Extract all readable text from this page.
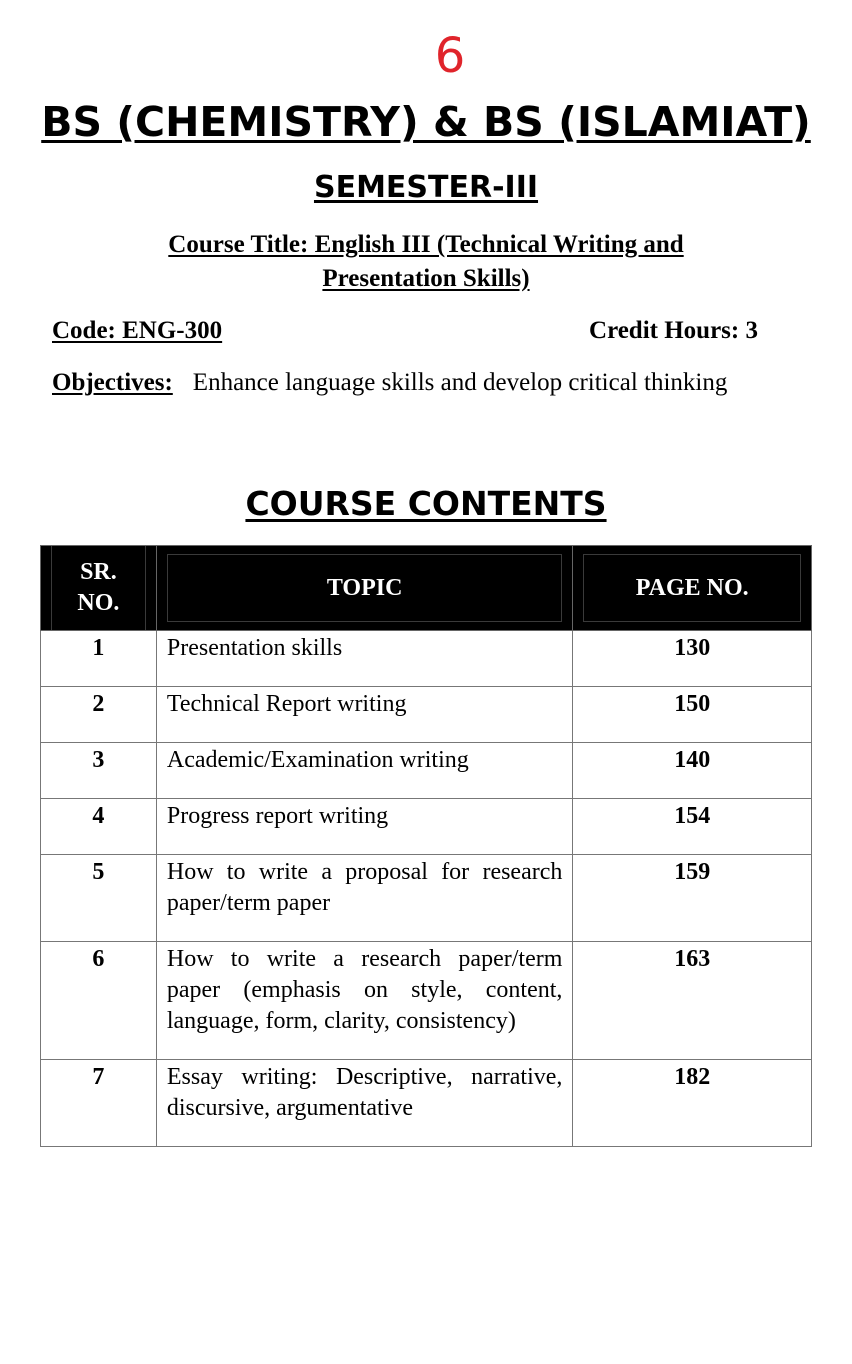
6
BS (CHEMISTRY) & BS (ISLAMIAT)
SEMESTER-III
Course Title: English III (Technical Writing and
Presentation Skills)
Code: ENG-300	Credit Hours: 3
Objectives: Enhance language skills and develop critical thinking
COURSE CONTENTS
SR.
NO.	TOPIC	PAGE NO.

1	Presentation skills	130
2	Technical Report writing	150
3	Academic/Examination writing	140
4	Progress report writing	154
5	How to write a proposal for research paper/term paper	159
6	How to write a research paper/term paper (emphasis on style, content, language, form, clarity, consistency)	163
7	Essay writing: Descriptive, narrative, discursive, argumentative	182
